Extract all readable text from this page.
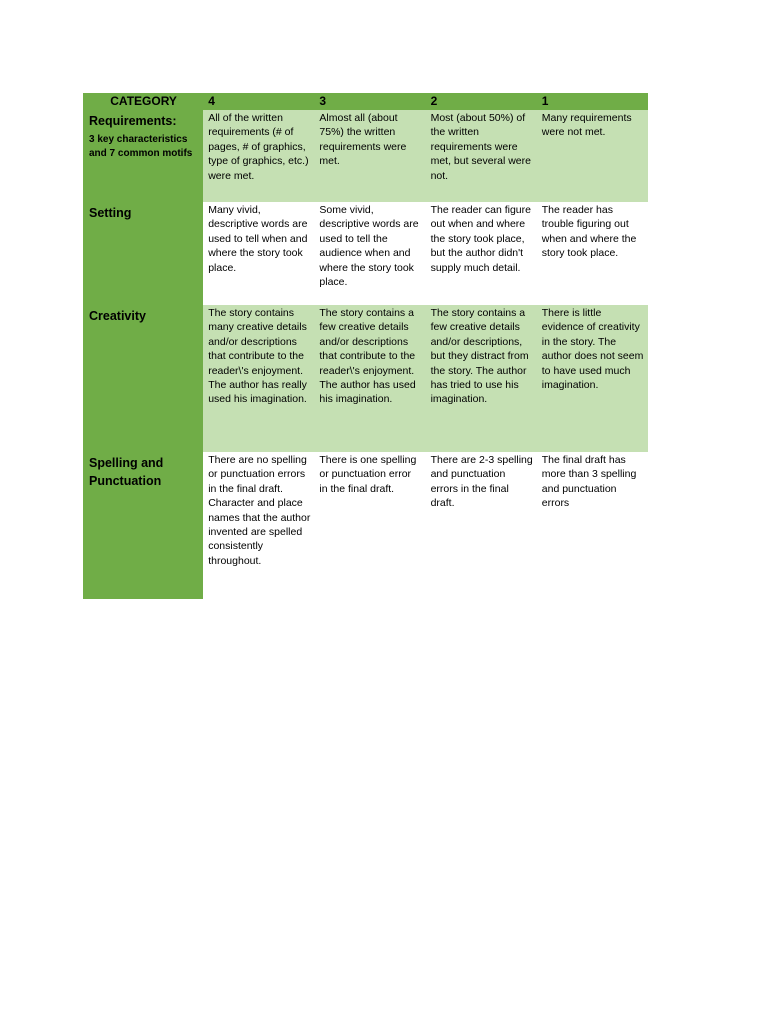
CATEGORY	4	3	2	1

Requirements:
3 key characteristics and 7 common motifs	All of the written requirements (# of pages, # of graphics, type of graphics, etc.) were met.	Almost all (about 75%) the written requirements were met.	Most (about 50%) of the written requirements were met, but several were not.	Many requirements were not met.
Setting	Many vivid, descriptive words are used to tell when and where the story took place.	Some vivid, descriptive words are used to tell the audience when and where the story took place.	The reader can figure out when and where the story took place, but the author didn't supply much detail.	The reader has trouble figuring out when and where the story took place.
Creativity	The story contains many creative details and/or descriptions that contribute to the reader\'s enjoyment. The author has really used his imagination.	The story contains a few creative details and/or descriptions that contribute to the reader\'s enjoyment. The author has used his imagination.	The story contains a few creative details and/or descriptions, but they distract from the story. The author has tried to use his imagination.	There is little evidence of creativity in the story. The author does not seem to have used much imagination.
Spelling and Punctuation	There are no spelling or punctuation errors in the final draft. Character and place names that the author invented are spelled consistently throughout.	There is one spelling or punctuation error in the final draft.	There are 2-3 spelling and punctuation errors in the final draft.	The final draft has more than 3 spelling and punctuation errors
